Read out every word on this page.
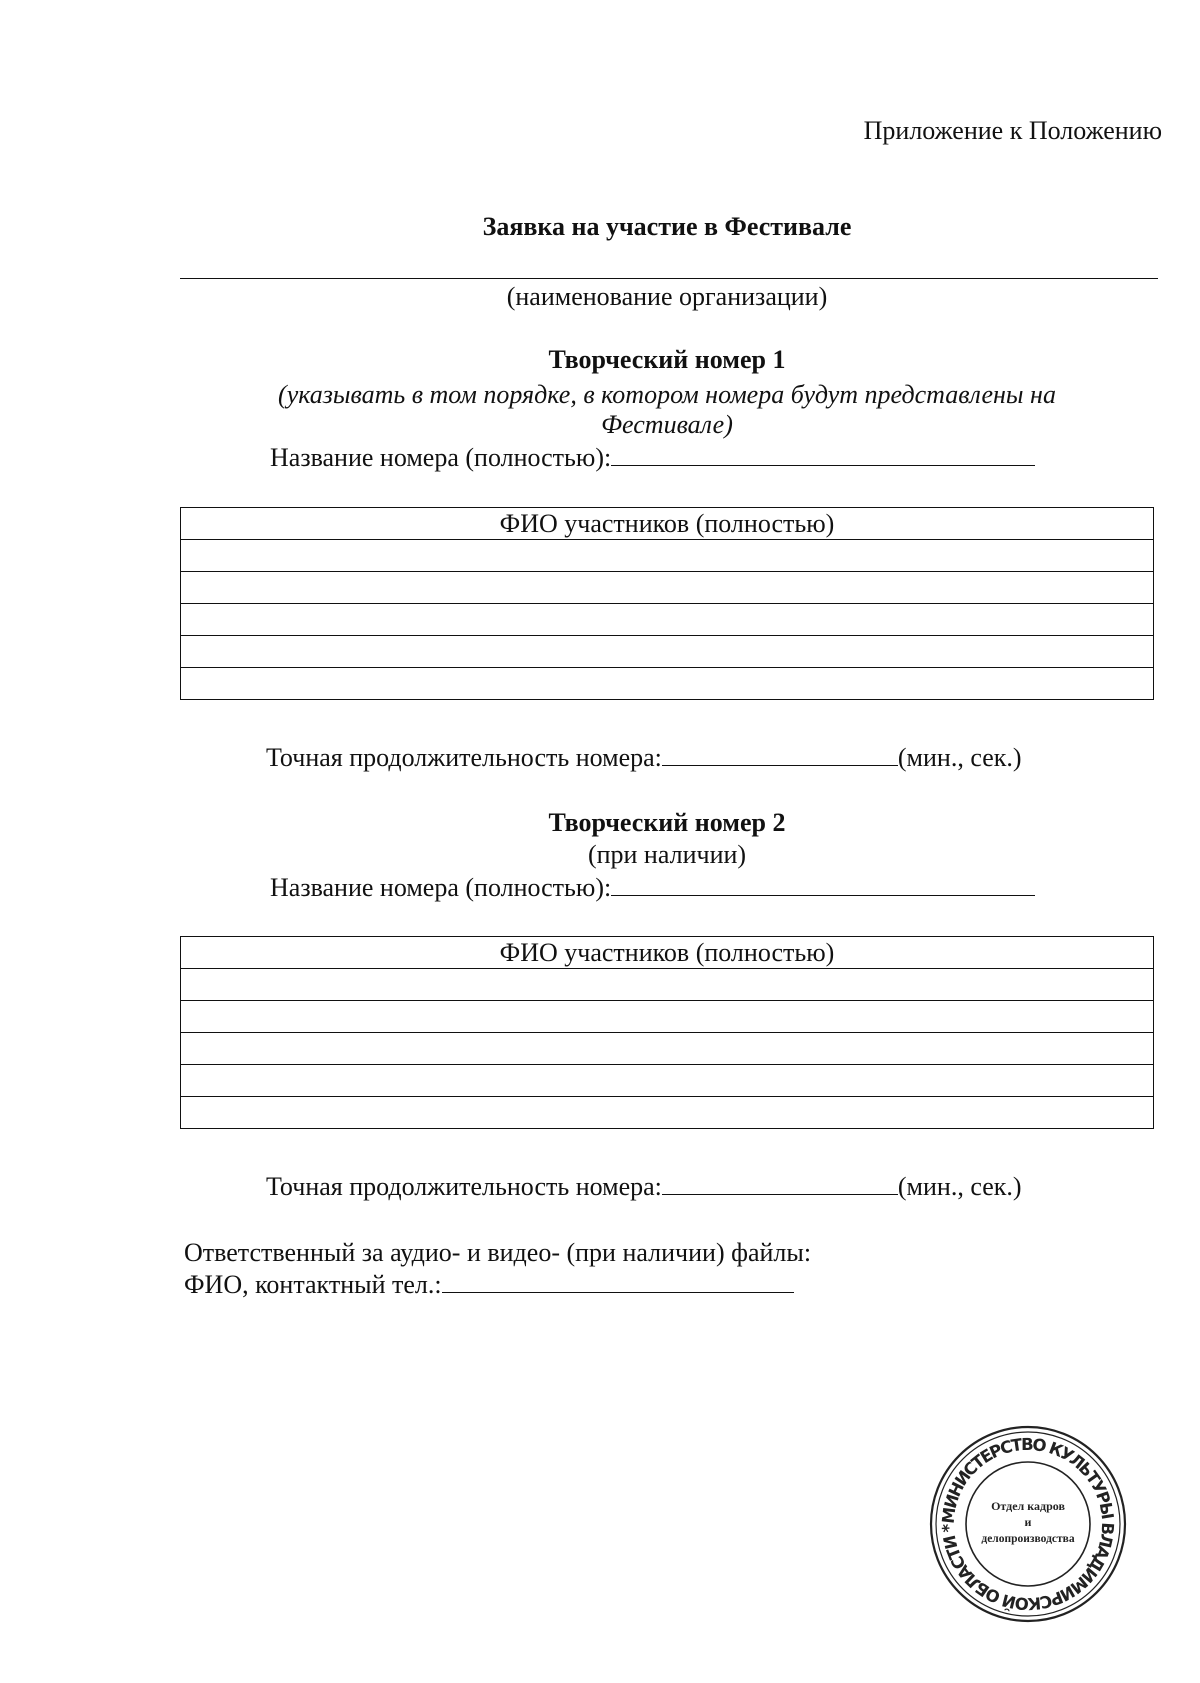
Приложение к Положению
Заявка на участие в Фестивале
(наименование организации)
Творческий номер 1
(указывать в том порядке, в котором номера будут представлены на
Фестивале)
Название номера (полностью):
ФИО участников (полностью)

Точная продолжительность номера:	(мин., сек.)
Творческий номер 2
(при наличии)
Название номера (полностью):
ФИО участников (полностью)

Точная продолжительность номера:	(мин., сек.)
Ответственный за аудио- и видео- (при наличии) файлы:
ФИО, контактный тел.:
МИНИСТЕРСТВО КУЛЬТУРЫ ВЛАДИМИРСКОЙ ОБЛАСТИ *
Отдел кадров
и
делопроизводства
